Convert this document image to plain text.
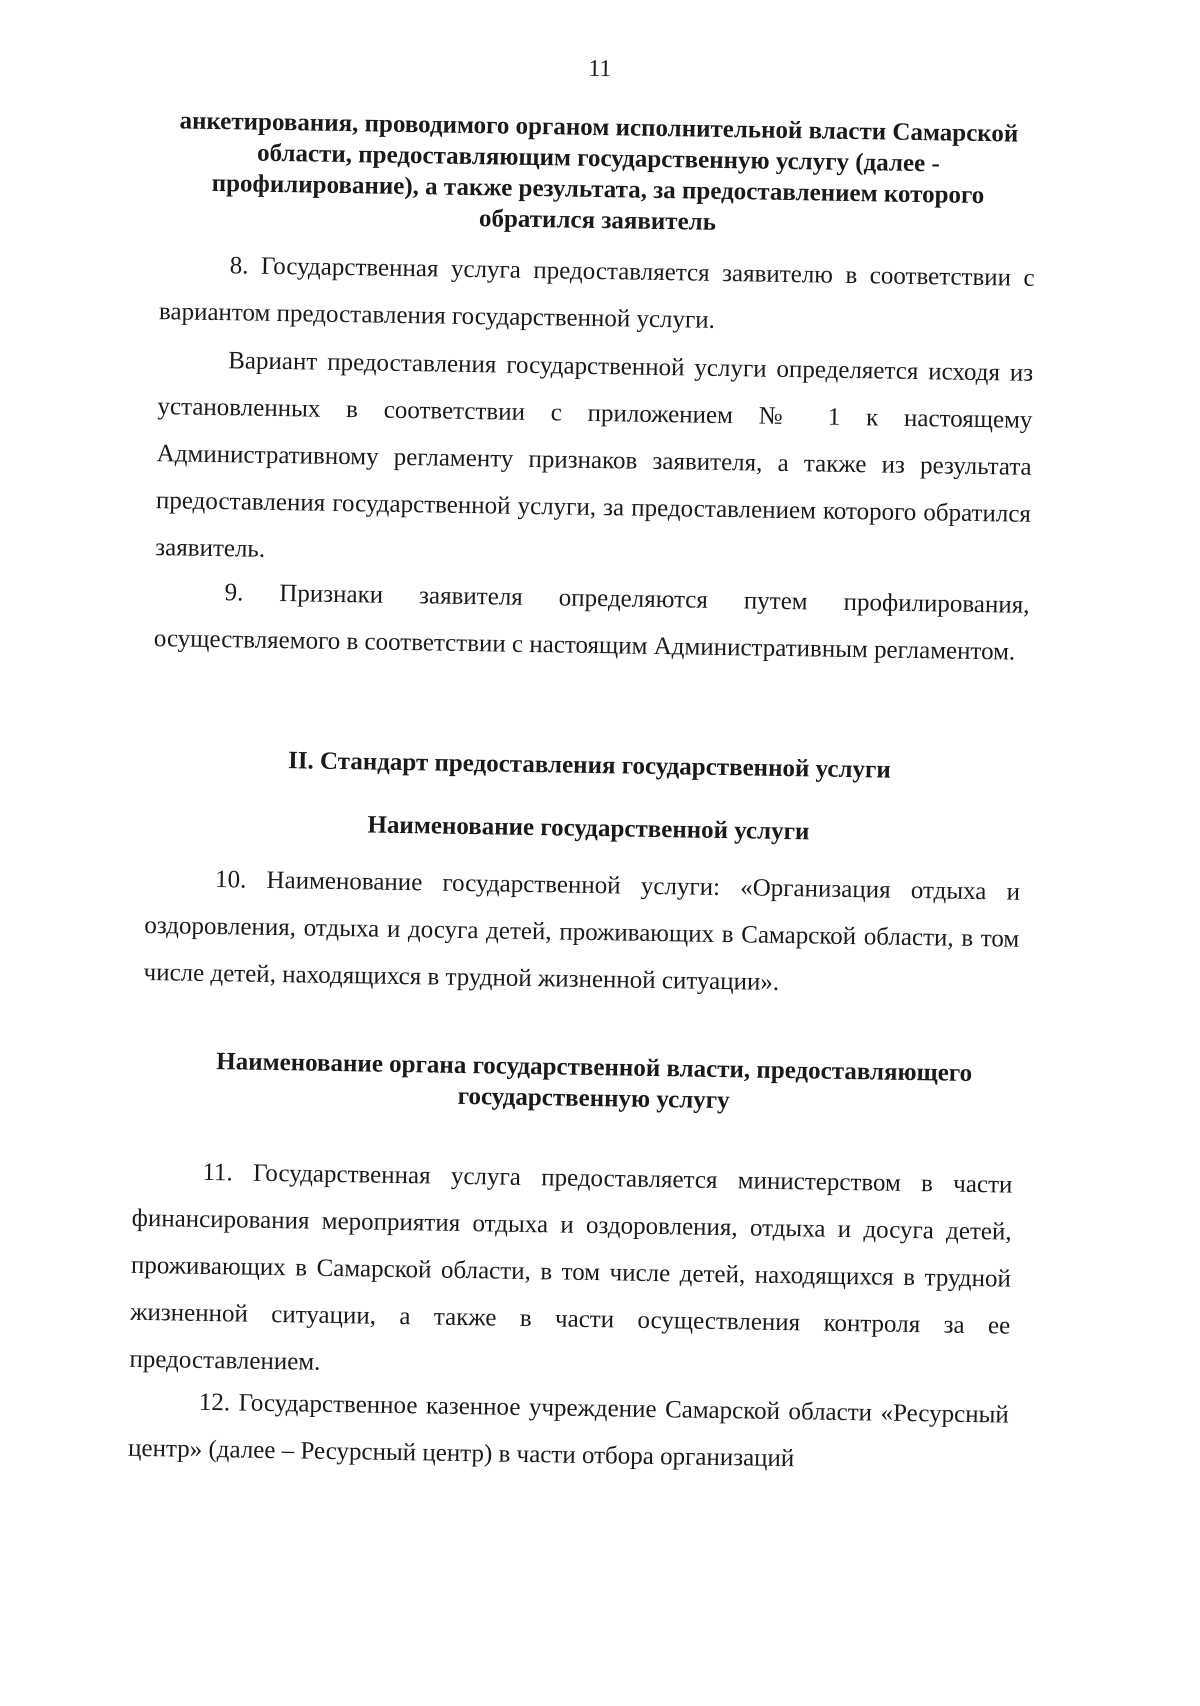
11
анкетирования, проводимого органом исполнительной власти Самарской области, предоставляющим государственную услугу (далее - профилирование), а также результата, за предоставлением которого обратился заявитель

8. Государственная услуга предоставляется заявителю в соответствии с вариантом предоставления государственной услуги.

Вариант предоставления государственной услуги определяется исходя из установленных в соответствии с приложением № 1 к настоящему Административному регламенту признаков заявителя, а также из результата предоставления государственной услуги, за предоставлением которого обратился заявитель.

9. Признаки заявителя определяются путем профилирования, осуществляемого в соответствии с настоящим Административным регламентом.

II. Стандарт предоставления государственной услуги
Наименование государственной услуги

10. Наименование государственной услуги: «Организация отдыха и оздоровления, отдыха и досуга детей, проживающих в Самарской области, в том числе детей, находящихся в трудной жизненной ситуации».

Наименование органа государственной власти, предоставляющего государственную услугу

11. Государственная услуга предоставляется министерством в части финансирования мероприятия отдыха и оздоровления, отдыха и досуга детей, проживающих в Самарской области, в том числе детей, находящихся в трудной жизненной ситуации, а также в части осуществления контроля за ее предоставлением.

12. Государственное казенное учреждение Самарской области «Ресурсный центр» (далее – Ресурсный центр) в части отбора организаций
